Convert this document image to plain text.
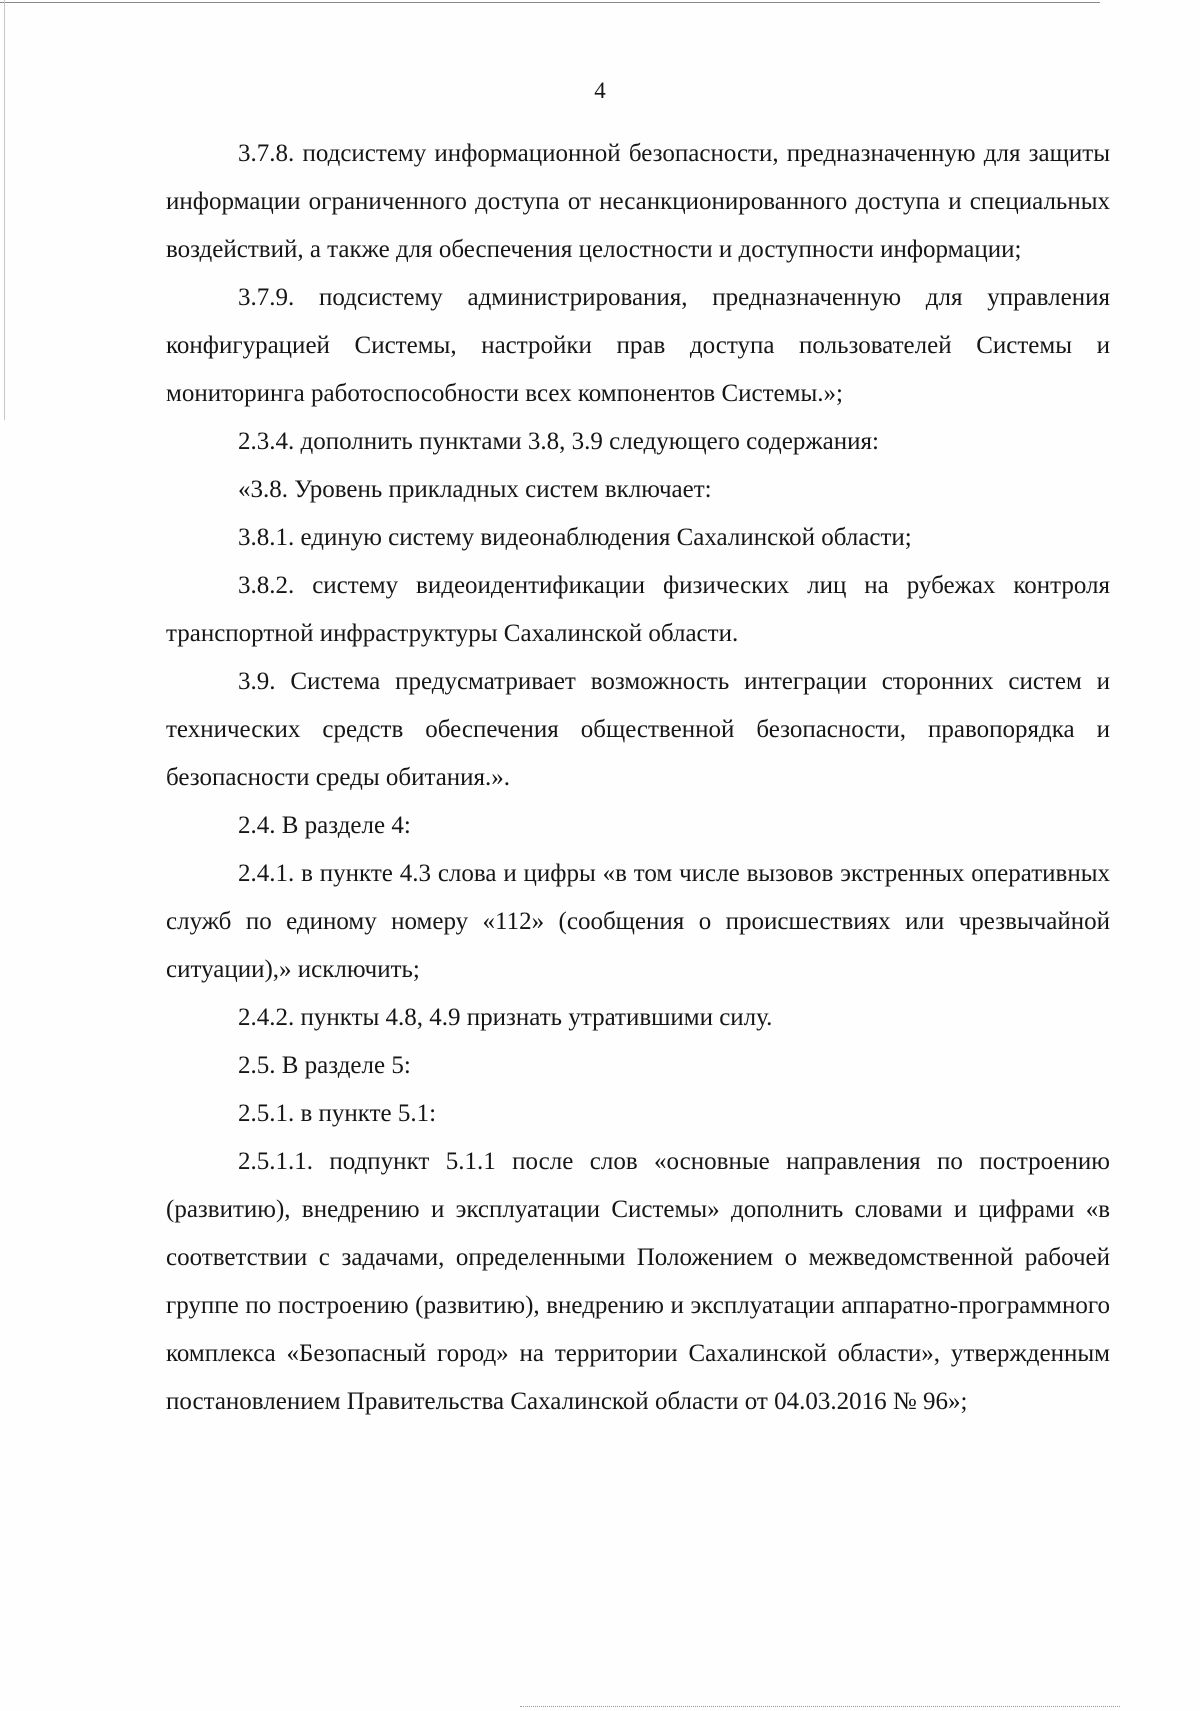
4

3.7.8. подсистему информационной безопасности, предназначенную для защиты информации ограниченного доступа от несанкционированного доступа и специальных воздействий, а также для обеспечения целостности и доступности информации;

3.7.9. подсистему администрирования, предназначенную для управления конфигурацией Системы, настройки прав доступа пользователей Системы и мониторинга работоспособности всех компонентов Системы.»;

2.3.4. дополнить пунктами 3.8, 3.9 следующего содержания:

«3.8. Уровень прикладных систем включает:

3.8.1. единую систему видеонаблюдения Сахалинской области;

3.8.2. систему видеоидентификации физических лиц на рубежах контроля транспортной инфраструктуры Сахалинской области.

3.9. Система предусматривает возможность интеграции сторонних систем и технических средств обеспечения общественной безопасности, правопорядка и безопасности среды обитания.».

2.4. В разделе 4:

2.4.1. в пункте 4.3 слова и цифры «в том числе вызовов экстренных оперативных служб по единому номеру «112» (сообщения о происшествиях или чрезвычайной ситуации),» исключить;

2.4.2. пункты 4.8, 4.9 признать утратившими силу.

2.5. В разделе 5:

2.5.1. в пункте 5.1:

2.5.1.1. подпункт 5.1.1 после слов «основные направления по построению (развитию), внедрению и эксплуатации Системы» дополнить словами и цифрами «в соответствии с задачами, определенными Положением о межведомственной рабочей группе по построению (развитию), внедрению и эксплуатации аппаратно-программного комплекса «Безопасный город» на территории Сахалинской области», утвержденным постановлением Правительства Сахалинской области от 04.03.2016 № 96»;
